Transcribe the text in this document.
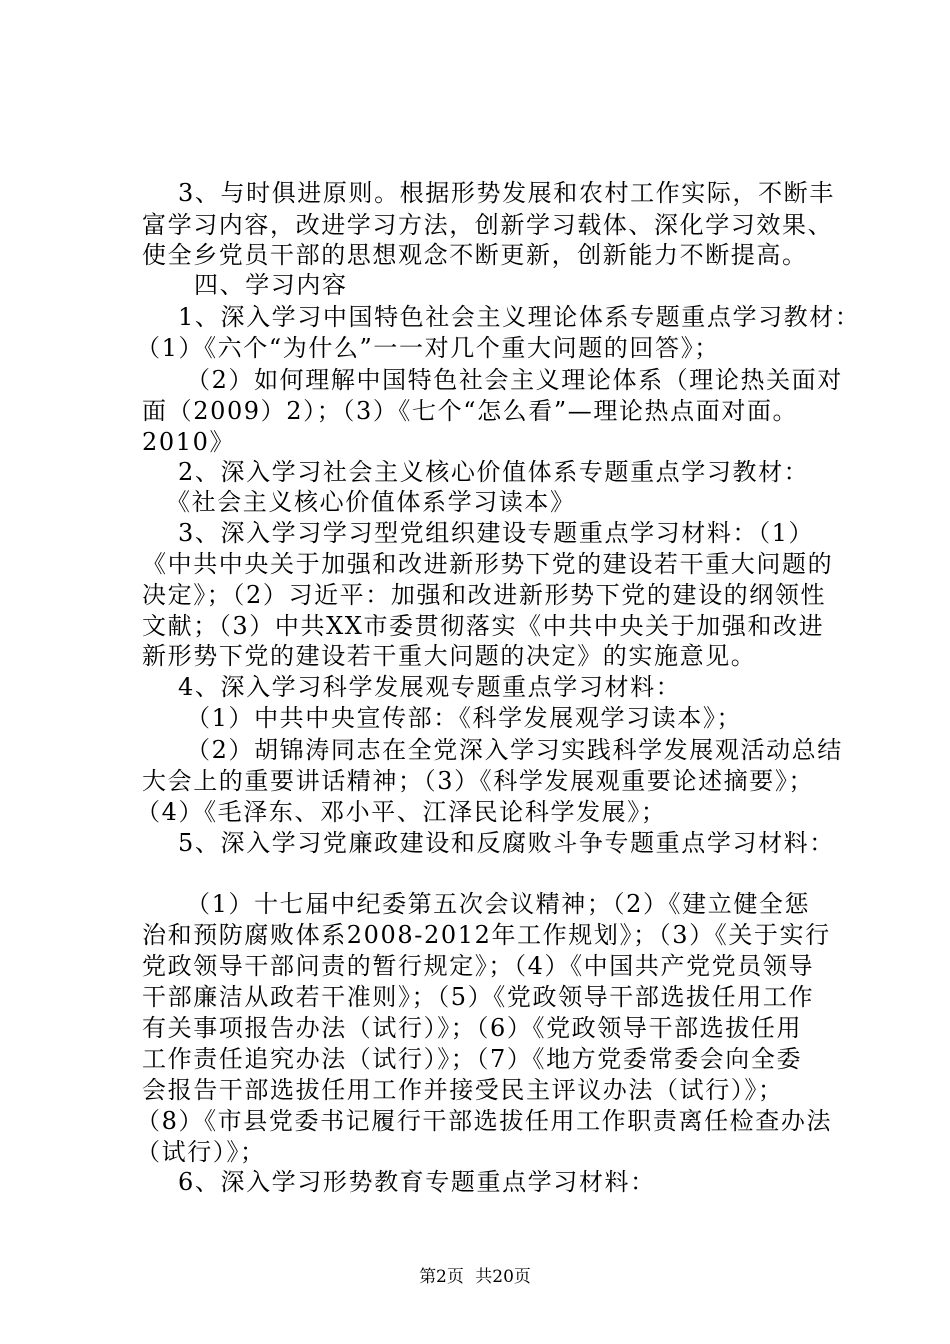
3、与时俱进原则。根据形势发展和农村工作实际，不断丰
富学习内容，改进学习方法，创新学习载体、深化学习效果、
使全乡党员干部的思想观念不断更新，创新能力不断提高。
四、学习内容
1、深入学习中国特色社会主义理论体系专题重点学习教材：
（1）《六个“为什么”一一对几个重大问题的回答》；
（2）如何理解中国特色社会主义理论体系（理论热关面对
面（2009）2）；（3）《七个“怎么看”—理论热点面对面。
2010》
2、深入学习社会主义核心价值体系专题重点学习教材：
《社会主义核心价值体系学习读本》
3、深入学习学习型党组织建设专题重点学习材料：（1）
《中共中央关于加强和改进新形势下党的建设若干重大问题的
决定》；（2）习近平：加强和改进新形势下党的建设的纲领性
文献；（3）中共XX市委贯彻落实《中共中央关于加强和改进
新形势下党的建设若干重大问题的决定》的实施意见。
4、深入学习科学发展观专题重点学习材料：
（1）中共中央宣传部：《科学发展观学习读本》；
（2）胡锦涛同志在全党深入学习实践科学发展观活动总结
大会上的重要讲话精神；（3）《科学发展观重要论述摘要》；
（4）《毛泽东、邓小平、江泽民论科学发展》；
5、深入学习党廉政建设和反腐败斗争专题重点学习材料：
（1）十七届中纪委第五次会议精神；（2）《建立健全惩
治和预防腐败体系2008-2012年工作规划》；（3）《关于实行
党政领导干部问责的暂行规定》；（4）《中国共产党党员领导
干部廉洁从政若干准则》；（5）《党政领导干部选拔任用工作
有关事项报告办法（试行）》；（6）《党政领导干部选拔任用
工作责任追究办法（试行）》；（7）《地方党委常委会向全委
会报告干部选拔任用工作并接受民主评议办法（试行）》；
（8）《市县党委书记履行干部选拔任用工作职责离任检查办法
（试行）》；
6、深入学习形势教育专题重点学习材料：
第2页 共20页
